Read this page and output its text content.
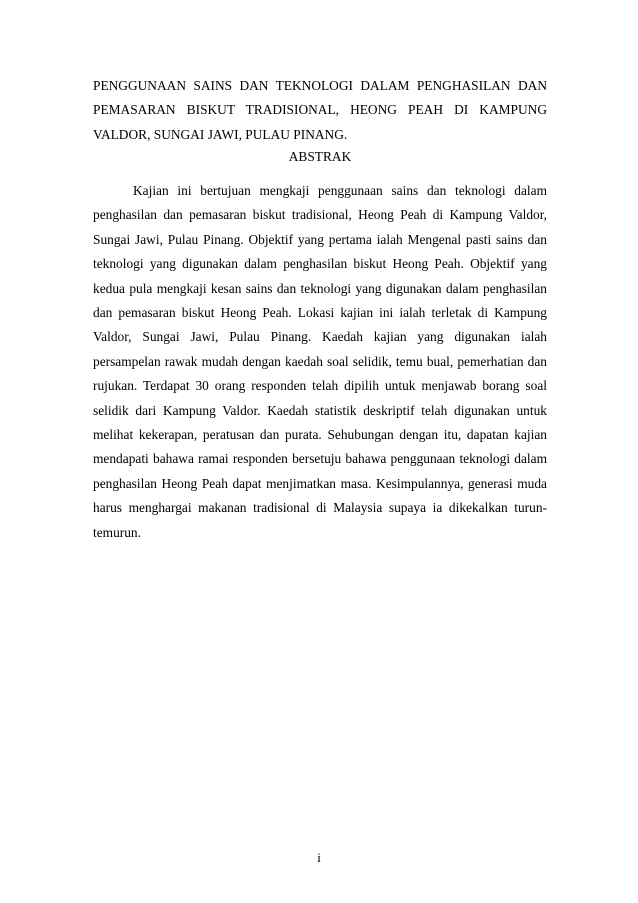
PENGGUNAAN SAINS DAN TEKNOLOGI DALAM PENGHASILAN DAN PEMASARAN BISKUT TRADISIONAL, HEONG PEAH DI KAMPUNG VALDOR, SUNGAI JAWI, PULAU PINANG.

ABSTRAK

Kajian ini bertujuan mengkaji penggunaan sains dan teknologi dalam penghasilan dan pemasaran biskut tradisional, Heong Peah di Kampung Valdor, Sungai Jawi, Pulau Pinang. Objektif yang pertama ialah Mengenal pasti sains dan teknologi yang digunakan dalam penghasilan biskut Heong Peah. Objektif yang kedua pula mengkaji kesan sains dan teknologi yang digunakan dalam penghasilan dan pemasaran biskut Heong Peah. Lokasi kajian ini ialah terletak di Kampung Valdor, Sungai Jawi, Pulau Pinang. Kaedah kajian yang digunakan ialah persampelan rawak mudah dengan kaedah soal selidik, temu bual, pemerhatian dan rujukan. Terdapat 30 orang responden telah dipilih untuk menjawab borang soal selidik dari Kampung Valdor. Kaedah statistik deskriptif telah digunakan untuk melihat kekerapan, peratusan dan purata. Sehubungan dengan itu, dapatan kajian mendapati bahawa ramai responden bersetuju bahawa penggunaan teknologi dalam penghasilan Heong Peah dapat menjimatkan masa. Kesimpulannya, generasi muda harus menghargai makanan tradisional di Malaysia supaya ia dikekalkan turun-temurun.

i
